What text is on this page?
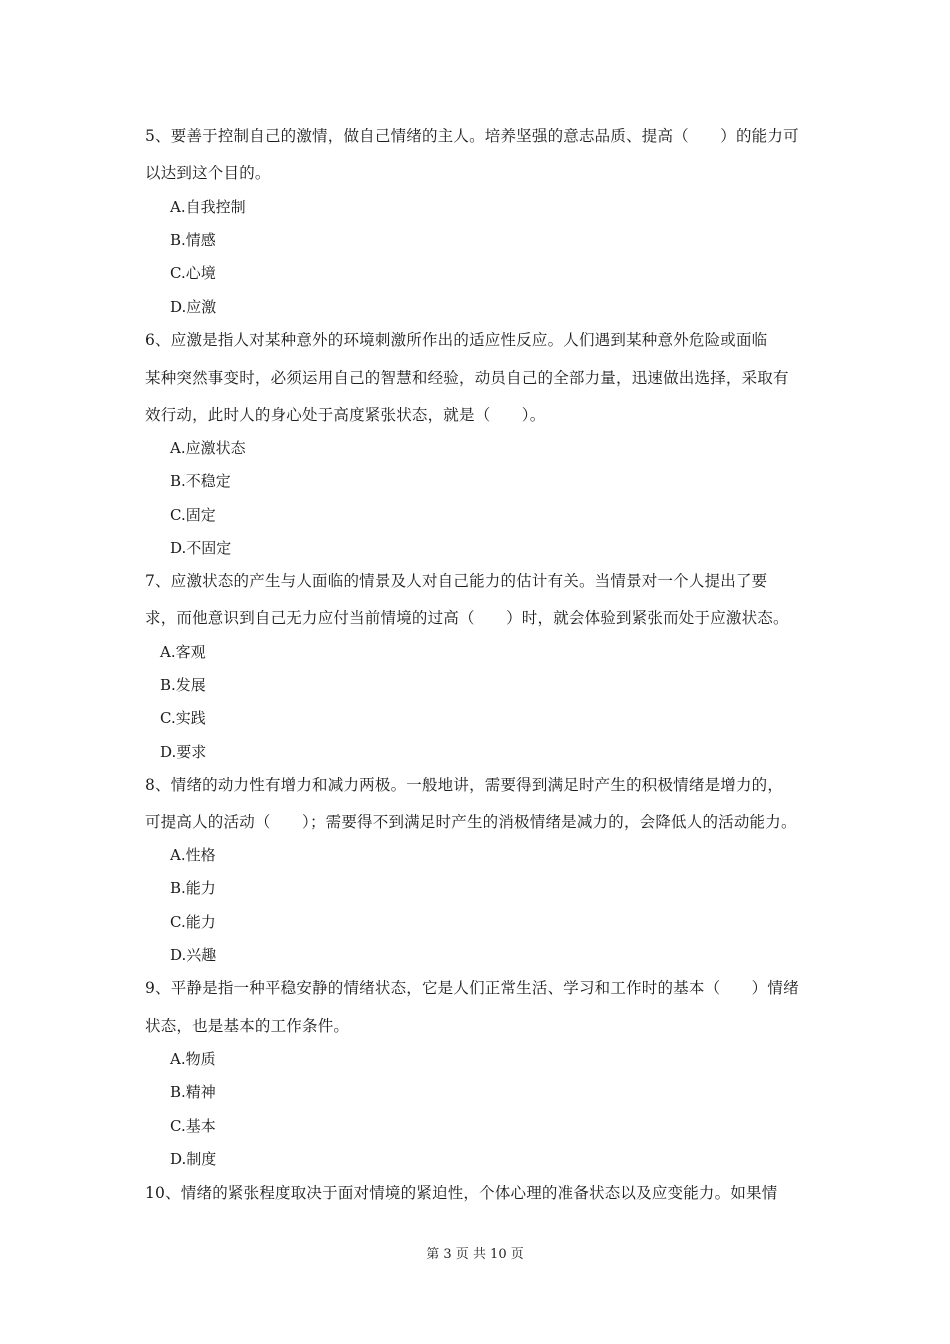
5、要善于控制自己的激情，做自己情绪的主人。培养坚强的意志品质、提高（　　）的能力可
以达到这个目的。
A.自我控制
B.情感
C.心境
D.应激
6、应激是指人对某种意外的环境刺激所作出的适应性反应。人们遇到某种意外危险或面临
某种突然事变时，必须运用自己的智慧和经验，动员自己的全部力量，迅速做出选择，采取有
效行动，此时人的身心处于高度紧张状态，就是（　　）。
A.应激状态
B.不稳定
C.固定
D.不固定
7、应激状态的产生与人面临的情景及人对自己能力的估计有关。当情景对一个人提出了要
求，而他意识到自己无力应付当前情境的过高（　　）时，就会体验到紧张而处于应激状态。
A.客观
B.发展
C.实践
D.要求
8、情绪的动力性有增力和减力两极。一般地讲，需要得到满足时产生的积极情绪是增力的，
可提高人的活动（　　）；需要得不到满足时产生的消极情绪是减力的，会降低人的活动能力。
A.性格
B.能力
C.能力
D.兴趣
9、平静是指一种平稳安静的情绪状态，它是人们正常生活、学习和工作时的基本（　　）情绪
状态，也是基本的工作条件。
A.物质
B.精神
C.基本
D.制度
10、情绪的紧张程度取决于面对情境的紧迫性，个体心理的准备状态以及应变能力。如果情
第 3 页 共 10 页
